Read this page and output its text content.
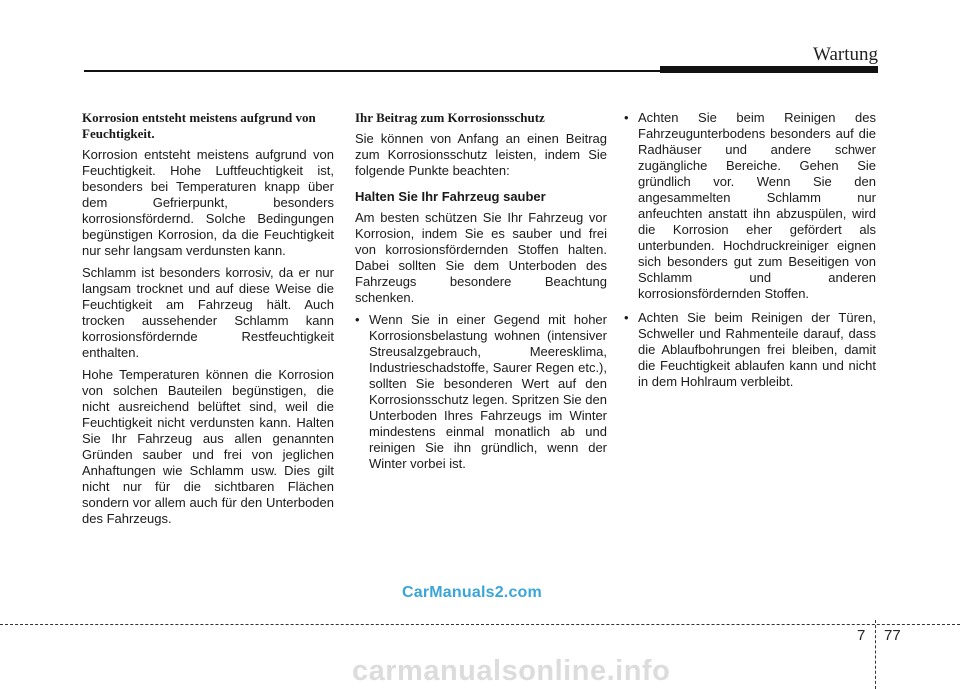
Wartung
Korrosion entsteht meistens aufgrund von Feuchtigkeit.

Korrosion entsteht meistens aufgrund von Feuchtigkeit. Hohe Luftfeuchtigkeit ist, besonders bei Temperaturen knapp über dem Gefrierpunkt, besonders korrosionsfördernd. Solche Bedingungen begünstigen Korrosion, da die Feuchtigkeit nur sehr langsam verdunsten kann.

Schlamm ist besonders korrosiv, da er nur langsam trocknet und auf diese Weise die Feuchtigkeit am Fahrzeug hält. Auch trocken aussehender Schlamm kann korrosionsfördernde Restfeuchtigkeit enthalten.

Hohe Temperaturen können die Korrosion von solchen Bauteilen begünstigen, die nicht ausreichend belüftet sind, weil die Feuchtigkeit nicht verdunsten kann. Halten Sie Ihr Fahrzeug aus allen genannten Gründen sauber und frei von jeglichen Anhaftungen wie Schlamm usw. Dies gilt nicht nur für die sichtbaren Flächen sondern vor allem auch für den Unterboden des Fahrzeugs.

Ihr Beitrag zum Korrosionsschutz

Sie können von Anfang an einen Beitrag zum Korrosionsschutz leisten, indem Sie folgende Punkte beachten:

Halten Sie Ihr Fahrzeug sauber

Am besten schützen Sie Ihr Fahrzeug vor Korrosion, indem Sie es sauber und frei von korrosionsfördernden Stoffen halten. Dabei sollten Sie dem Unterboden des Fahrzeugs besondere Beachtung schenken.

• Wenn Sie in einer Gegend mit hoher Korrosionsbelastung wohnen (intensiver Streusalzgebrauch, Meeresklima, Industrieschadstoffe, Saurer Regen etc.), sollten Sie besonderen Wert auf den Korrosionsschutz legen. Spritzen Sie den Unterboden Ihres Fahrzeugs im Winter mindestens einmal monatlich ab und reinigen Sie ihn gründlich, wenn der Winter vorbei ist.
• Achten Sie beim Reinigen des Fahrzeugunterbodens besonders auf die Radhäuser und andere schwer zugängliche Bereiche. Gehen Sie gründlich vor. Wenn Sie den angesammelten Schlamm nur anfeuchten anstatt ihn abzuspülen, wird die Korrosion eher gefördert als unterbunden. Hochdruckreiniger eignen sich besonders gut zum Beseitigen von Schlamm und anderen korrosionsfördernden Stoffen.
• Achten Sie beim Reinigen der Türen, Schweller und Rahmenteile darauf, dass die Ablaufbohrungen frei bleiben, damit die Feuchtigkeit ablaufen kann und nicht in dem Hohlraum verbleibt.
CarManuals2.com
7 77
carmanualsonline.info
